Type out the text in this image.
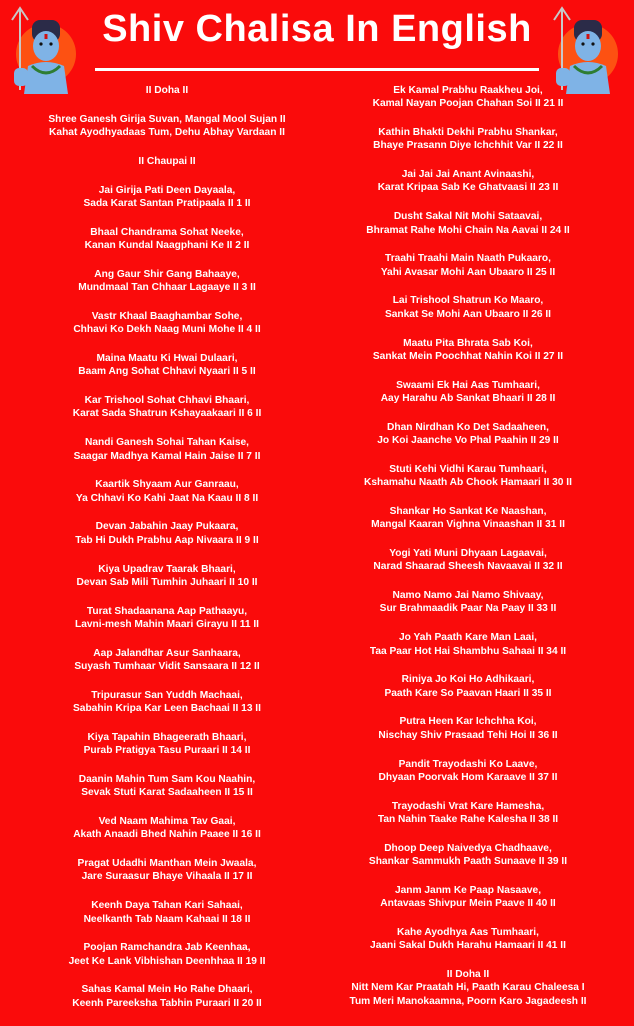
Shiv Chalisa In English
II Doha II
Shree Ganesh Girija Suvan, Mangal Mool Sujan II
Kahat Ayodhyadaas Tum, Dehu Abhay Vardaan II
II Chaupai II
Jai Girija Pati Deen Dayaala,
Sada Karat Santan Pratipaala II 1 II
Bhaal Chandrama Sohat Neeke,
Kanan Kundal Naagphani Ke II 2 II
Ang Gaur Shir Gang Bahaaye,
Mundmaal Tan Chhaar Lagaaye II 3 II
Vastr Khaal Baaghambar Sohe,
Chhavi Ko Dekh Naag Muni Mohe II 4 II
Maina Maatu Ki Hwai Dulaari,
Baam Ang Sohat Chhavi Nyaari II 5 II
Kar Trishool Sohat Chhavi Bhaari,
Karat Sada Shatrun Kshayaakaari II 6 II
Nandi Ganesh Sohai Tahan Kaise,
Saagar Madhya Kamal Hain Jaise II 7 II
Kaartik Shyaam Aur Ganraau,
Ya Chhavi Ko Kahi Jaat Na Kaau II 8 II
Devan Jabahin Jaay Pukaara,
Tab Hi Dukh Prabhu Aap Nivaara II 9 II
Kiya Upadrav Taarak Bhaari,
Devan Sab Mili Tumhin Juhaari II 10 II
Turat Shadaanana Aap Pathaayu,
Lavni-mesh Mahin Maari Girayu II 11 II
Aap Jalandhar Asur Sanhaara,
Suyash Tumhaar Vidit Sansaara II 12 II
Tripurasur San Yuddh Machaai,
Sabahin Kripa Kar Leen Bachaai II 13 II
Kiya Tapahin Bhageerath Bhaari,
Purab Pratigya Tasu Puraari II 14 II
Daanin Mahin Tum Sam Kou Naahin,
Sevak Stuti Karat Sadaaheen II 15 II
Ved Naam Mahima Tav Gaai,
Akath Anaadi Bhed Nahin Paaee II 16 II
Pragat Udadhi Manthan Mein Jwaala,
Jare Suraasur Bhaye Vihaala II 17 II
Keenh Daya Tahan Kari Sahaai,
Neelkanth Tab Naam Kahaai II 18 II
Poojan Ramchandra Jab Keenhaa,
Jeet Ke Lank Vibhishan Deenhhaa II 19 II
Sahas Kamal Mein Ho Rahe Dhaari,
Keenh Pareeksha Tabhin Puraari II 20 II
Ek Kamal Prabhu Raakheu Joi,
Kamal Nayan Poojan Chahan Soi II 21 II
Kathin Bhakti Dekhi Prabhu Shankar,
Bhaye Prasann Diye Ichchhit Var II 22 II
Jai Jai Jai Anant Avinaashi,
Karat Kripaa Sab Ke Ghatvaasi II 23 II
Dusht Sakal Nit Mohi Sataavai,
Bhramat Rahe Mohi Chain Na Aavai II 24 II
Traahi Traahi Main Naath Pukaaro,
Yahi Avasar Mohi Aan Ubaaro II 25 II
Lai Trishool Shatrun Ko Maaro,
Sankat Se Mohi Aan Ubaaro II 26 II
Maatu Pita Bhrata Sab Koi,
Sankat Mein Poochhat Nahin Koi II 27 II
Swaami Ek Hai Aas Tumhaari,
Aay Harahu Ab Sankat Bhaari II 28 II
Dhan Nirdhan Ko Det Sadaaheen,
Jo Koi Jaanche Vo Phal Paahin II 29 II
Stuti Kehi Vidhi Karau Tumhaari,
Kshamahu Naath Ab Chook Hamaari II 30 II
Shankar Ho Sankat Ke Naashan,
Mangal Kaaran Vighna Vinaashan II 31 II
Yogi Yati Muni Dhyaan Lagaavai,
Narad Shaarad Sheesh Navaavai II 32 II
Namo Namo Jai Namo Shivaay,
Sur Brahmaadik Paar Na Paay II 33 II
Jo Yah Paath Kare Man Laai,
Taa Paar Hot Hai Shambhu Sahaai II 34 II
Riniya Jo Koi Ho Adhikaari,
Paath Kare So Paavan Haari II 35 II
Putra Heen Kar Ichchha Koi,
Nischay Shiv Prasaad Tehi Hoi II 36 II
Pandit Trayodashi Ko Laave,
Dhyaan Poorvak Hom Karaave II 37 II
Trayodashi Vrat Kare Hamesha,
Tan Nahin Taake Rahe Kalesha II 38 II
Dhoop Deep Naivedya Chadhaave,
Shankar Sammukh Paath Sunaave II 39 II
Janm Janm Ke Paap Nasaave,
Antavaas Shivpur Mein Paave II 40 II
Kahe Ayodhya Aas Tumhaari,
Jaani Sakal Dukh Harahu Hamaari II 41 II
II Doha II
Nitt Nem Kar Praatah Hi, Paath Karau Chaleesa I
Tum Meri Manokaamna, Poorn Karo Jagadeesh II
